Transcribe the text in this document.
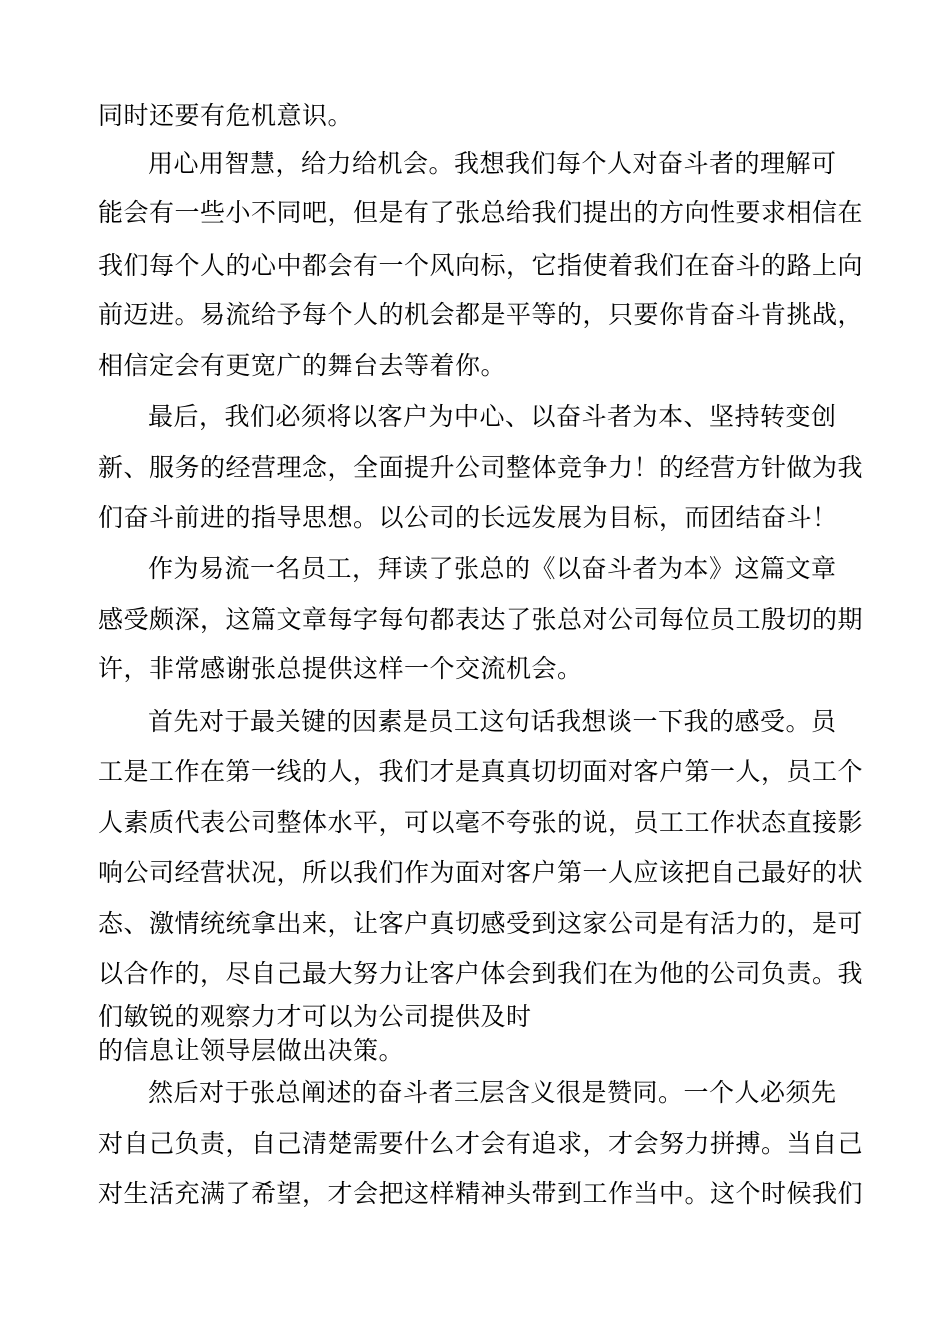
同时还要有危机意识。
用心用智慧，给力给机会。我想我们每个人对奋斗者的理解可
能会有一些小不同吧，但是有了张总给我们提出的方向性要求相信在
我们每个人的心中都会有一个风向标，它指使着我们在奋斗的路上向
前迈进。易流给予每个人的机会都是平等的，只要你肯奋斗肯挑战，
相信定会有更宽广的舞台去等着你。
最后，我们必须将以客户为中心、以奋斗者为本、坚持转变创
新、服务的经营理念，全面提升公司整体竞争力！的经营方针做为我
们奋斗前进的指导思想。以公司的长远发展为目标，而团结奋斗！
作为易流一名员工，拜读了张总的《以奋斗者为本》这篇文章
感受颇深，这篇文章每字每句都表达了张总对公司每位员工殷切的期
许，非常感谢张总提供这样一个交流机会。
首先对于最关键的因素是员工这句话我想谈一下我的感受。员
工是工作在第一线的人，我们才是真真切切面对客户第一人，员工个
人素质代表公司整体水平，可以毫不夸张的说，员工工作状态直接影
响公司经营状况，所以我们作为面对客户第一人应该把自己最好的状
态、激情统统拿出来，让客户真切感受到这家公司是有活力的，是可
以合作的，尽自己最大努力让客户体会到我们在为他的公司负责。我
们敏锐的观察力才可以为公司提供及时
的信息让领导层做出决策。
然后对于张总阐述的奋斗者三层含义很是赞同。一个人必须先
对自己负责，自己清楚需要什么才会有追求，才会努力拼搏。当自己
对生活充满了希望，才会把这样精神头带到工作当中。这个时候我们
